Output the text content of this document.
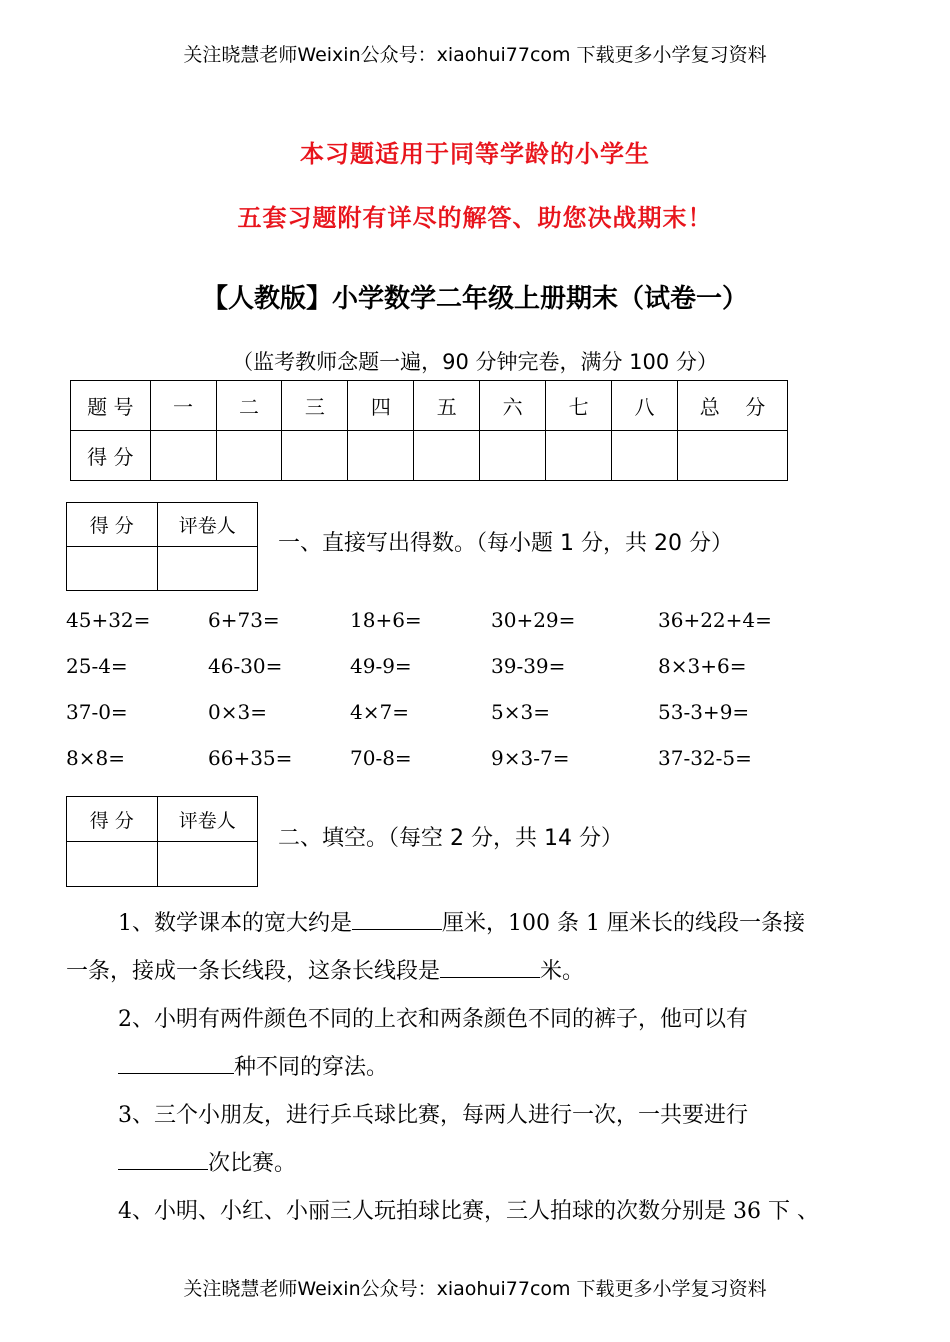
关注晓慧老师Weixin公众号：xiaohui77com 下载更多小学复习资料
本习题适用于同等学龄的小学生
五套习题附有详尽的解答、助您决战期末！
【人教版】小学数学二年级上册期末（试卷一）
（监考教师念题一遍，90 分钟完卷，满分 100 分）
题 号	一	二	三	四	五	六	七	八	总    分
得 分									
得 分	评卷人

一、直接写出得数。（每小题 1 分，共 20 分）
45+32=	6+73=	18+6=	30+29=	36+22+4=
25-4=	46-30=	49-9=	39-39=	8×3+6=
37-0=	0×3=	4×7=	5×3=	53-3+9=
8×8=	66+35=	70-8=	9×3-7=	37-32-5=
得 分	评卷人

二、填空。（每空 2 分，共 14 分）
1、数学课本的宽大约是	厘米，100 条 1 厘米长的线段一条接
一条，接成一条长线段，这条长线段是	米。
2、小明有两件颜色不同的上衣和两条颜色不同的裤子，他可以有
种不同的穿法。
3、三个小朋友，进行乒乓球比赛，每两人进行一次，一共要进行
次比赛。
4、小明、小红、小丽三人玩拍球比赛，三人拍球的次数分别是 36 下 、
关注晓慧老师Weixin公众号：xiaohui77com 下载更多小学复习资料
